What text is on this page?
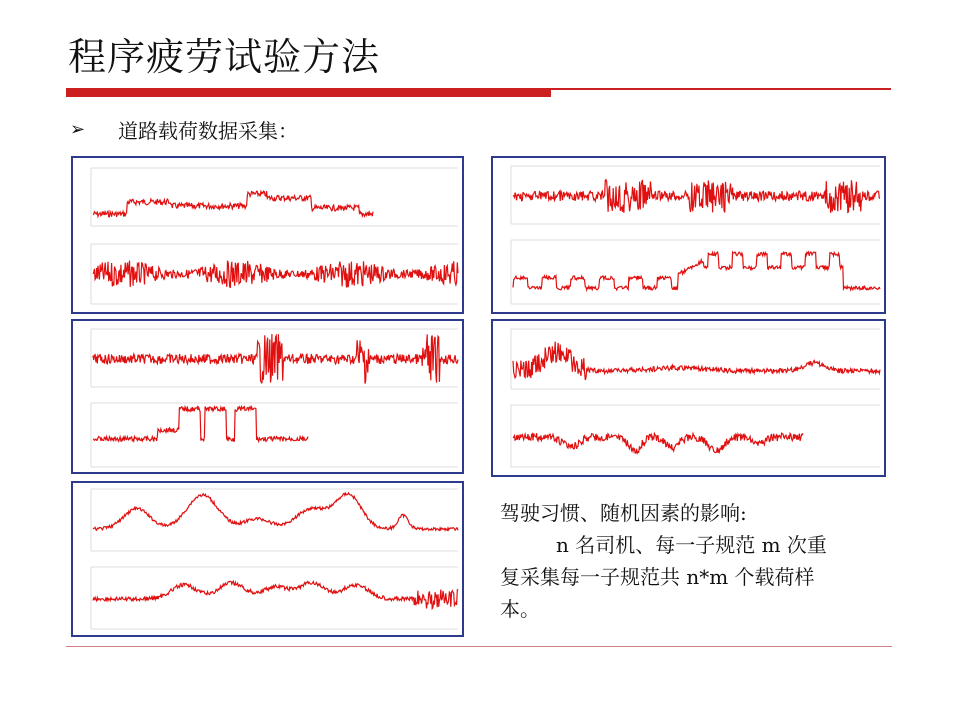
程序疲劳试验方法
➢	道路载荷数据采集：

驾驶习惯、随机因素的影响:

n 名司机、每一子规范 m 次重

复采集每一子规范共 n*m 个载荷样

本。
